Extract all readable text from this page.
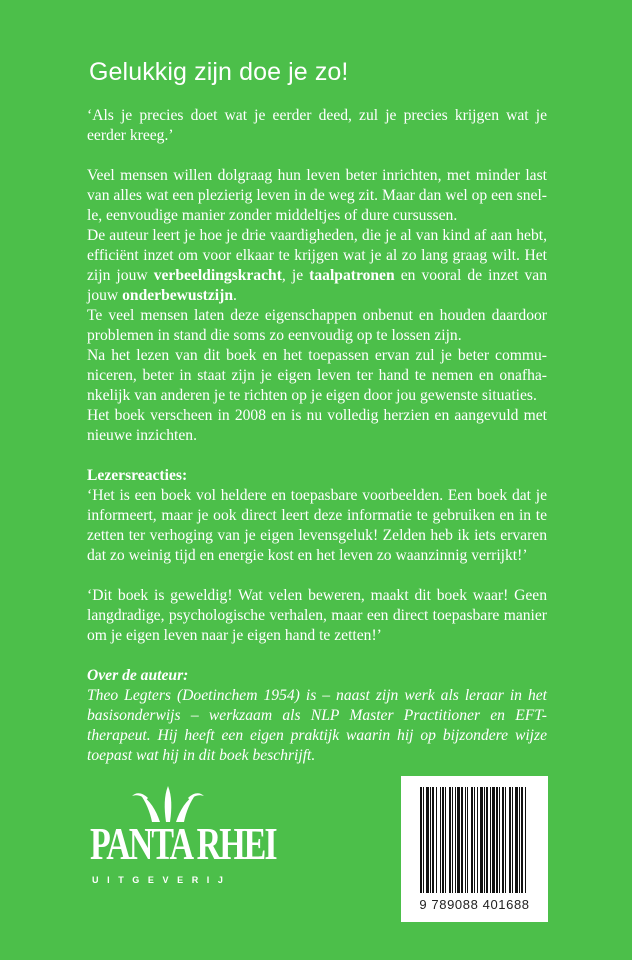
Gelukkig zijn doe je zo!

‘Als je precies doet wat je eerder deed, zul je precies krijgen wat je eerder kreeg.’

Veel mensen willen dolgraag hun leven beter inrichten, met minder last van alles wat een plezierig leven in de weg zit. Maar dan wel op een snelle, eenvoudige manier zonder middeltjes of dure cursussen.

De auteur leert je hoe je drie vaardigheden, die je al van kind af aan hebt, efficiënt inzet om voor elkaar te krijgen wat je al zo lang graag wilt. Het zijn jouw verbeeldingskracht, je taalpatronen en vooral de inzet van jouw onderbewustzijn.

Te veel mensen laten deze eigenschappen onbenut en houden daardoor problemen in stand die soms zo eenvoudig op te lossen zijn.

Na het lezen van dit boek en het toepassen ervan zul je beter communiceren, beter in staat zijn je eigen leven ter hand te nemen en onafhankelijk van anderen je te richten op je eigen door jou gewenste situaties.

Het boek verscheen in 2008 en is nu volledig herzien en aangevuld met nieuwe inzichten.

Lezersreacties:

‘Het is een boek vol heldere en toepasbare voorbeelden. Een boek dat je informeert, maar je ook direct leert deze informatie te gebruiken en in te zetten ter verhoging van je eigen levensgeluk! Zelden heb ik iets ervaren dat zo weinig tijd en energie kost en het leven zo waanzinnig verrijkt!’

‘Dit boek is geweldig! Wat velen beweren, maakt dit boek waar! Geen langdradige, psychologische verhalen, maar een direct toepasbare manier om je eigen leven naar je eigen hand te zetten!’

Over de auteur:

Theo Legters (Doetinchem 1954) is – naast zijn werk als leraar in het basisonderwijs – werkzaam als NLP Master Practitioner en EFT-therapeut. Hij heeft een eigen praktijk waarin hij op bijzondere wijze toepast wat hij in dit boek beschrijft.

PANTA RHEI
UITGEVERIJ
9 789088 401688
